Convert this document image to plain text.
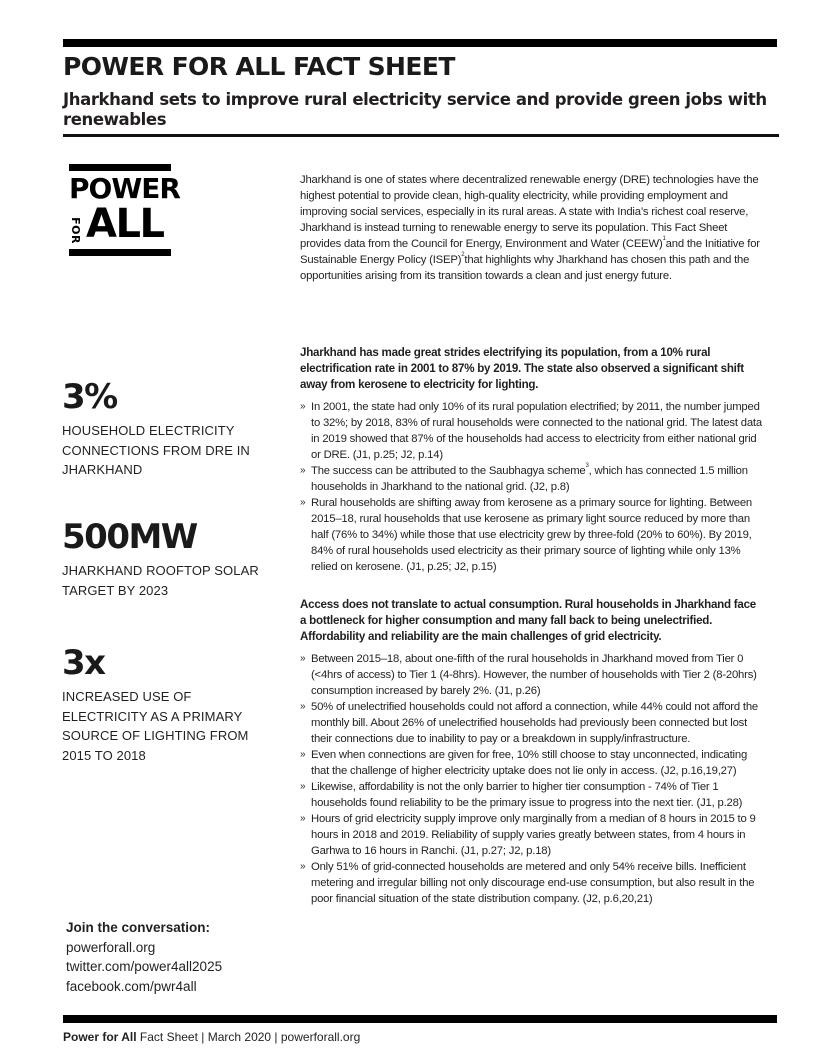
POWER FOR ALL FACT SHEET
Jharkhand sets to improve rural electricity service and provide green jobs with renewables
POWER
FOR ALL
Jharkhand is one of states where decentralized renewable energy (DRE) technologies have the highest potential to provide clean, high-quality electricity, while providing employment and improving social services, especially in its rural areas. A state with India’s richest coal reserve, Jharkhand is instead turning to renewable energy to serve its population. This Fact Sheet provides data from the Council for Energy, Environment and Water (CEEW)$^1$and the Initiative for Sustainable Energy Policy (ISEP)$^2$that highlights why Jharkhand has chosen this path and the opportunities arising from its transition towards a clean and just energy future.
3%
HOUSEHOLD ELECTRICITY CONNECTIONS FROM DRE IN JHARKHAND
500MW
JHARKHAND ROOFTOP SOLAR TARGET BY 2023
3x
INCREASED USE OF ELECTRICITY AS A PRIMARY SOURCE OF LIGHTING FROM 2015 TO 2018

Jharkhand has made great strides electrifying its population, from a 10% rural electrification rate in 2001 to 87% by 2019. The state also observed a significant shift away from kerosene to electricity for lighting.

» In 2001, the state had only 10% of its rural population electrified; by 2011, the number jumped to 32%; by 2018, 83% of rural households were connected to the national grid. The latest data in 2019 showed that 87% of the households had access to electricity from either national grid or DRE. (J1, p.25; J2, p.14)
» The success can be attributed to the Saubhagya scheme$^3$, which has connected 1.5 million households in Jharkhand to the national grid. (J2, p.8)
» Rural households are shifting away from kerosene as a primary source for lighting. Between 2015–18, rural households that use kerosene as primary light source reduced by more than half (76% to 34%) while those that use electricity grew by three-fold (20% to 60%). By 2019, 84% of rural households used electricity as their primary source of lighting while only 13% relied on kerosene. (J1, p.25; J2, p.15)

Access does not translate to actual consumption. Rural households in Jharkhand face a bottleneck for higher consumption and many fall back to being unelectrified. Affordability and reliability are the main challenges of grid electricity.

» Between 2015–18, about one-fifth of the rural households in Jharkhand moved from Tier 0 (<4hrs of access) to Tier 1 (4-8hrs). However, the number of households with Tier 2 (8-20hrs) consumption increased by barely 2%. (J1, p.26)
» 50% of unelectrified households could not afford a connection, while 44% could not afford the monthly bill. About 26% of unelectrified households had previously been connected but lost their connections due to inability to pay or a breakdown in supply/infrastructure.
» Even when connections are given for free, 10% still choose to stay unconnected, indicating that the challenge of higher electricity uptake does not lie only in access. (J2, p.16,19,27)
» Likewise, affordability is not the only barrier to higher tier consumption - 74% of Tier 1 households found reliability to be the primary issue to progress into the next tier. (J1, p.28)
» Hours of grid electricity supply improve only marginally from a median of 8 hours in 2015 to 9 hours in 2018 and 2019. Reliability of supply varies greatly between states, from 4 hours in Garhwa to 16 hours in Ranchi. (J1, p.27; J2, p.18)
» Only 51% of grid-connected households are metered and only 54% receive bills. Inefficient metering and irregular billing not only discourage end-use consumption, but also result in the poor financial situation of the state distribution company. (J2, p.6,20,21)
Join the conversation:
powerforall.org
twitter.com/power4all2025
facebook.com/pwr4all
Power for All Fact Sheet | March 2020 | powerforall.org
